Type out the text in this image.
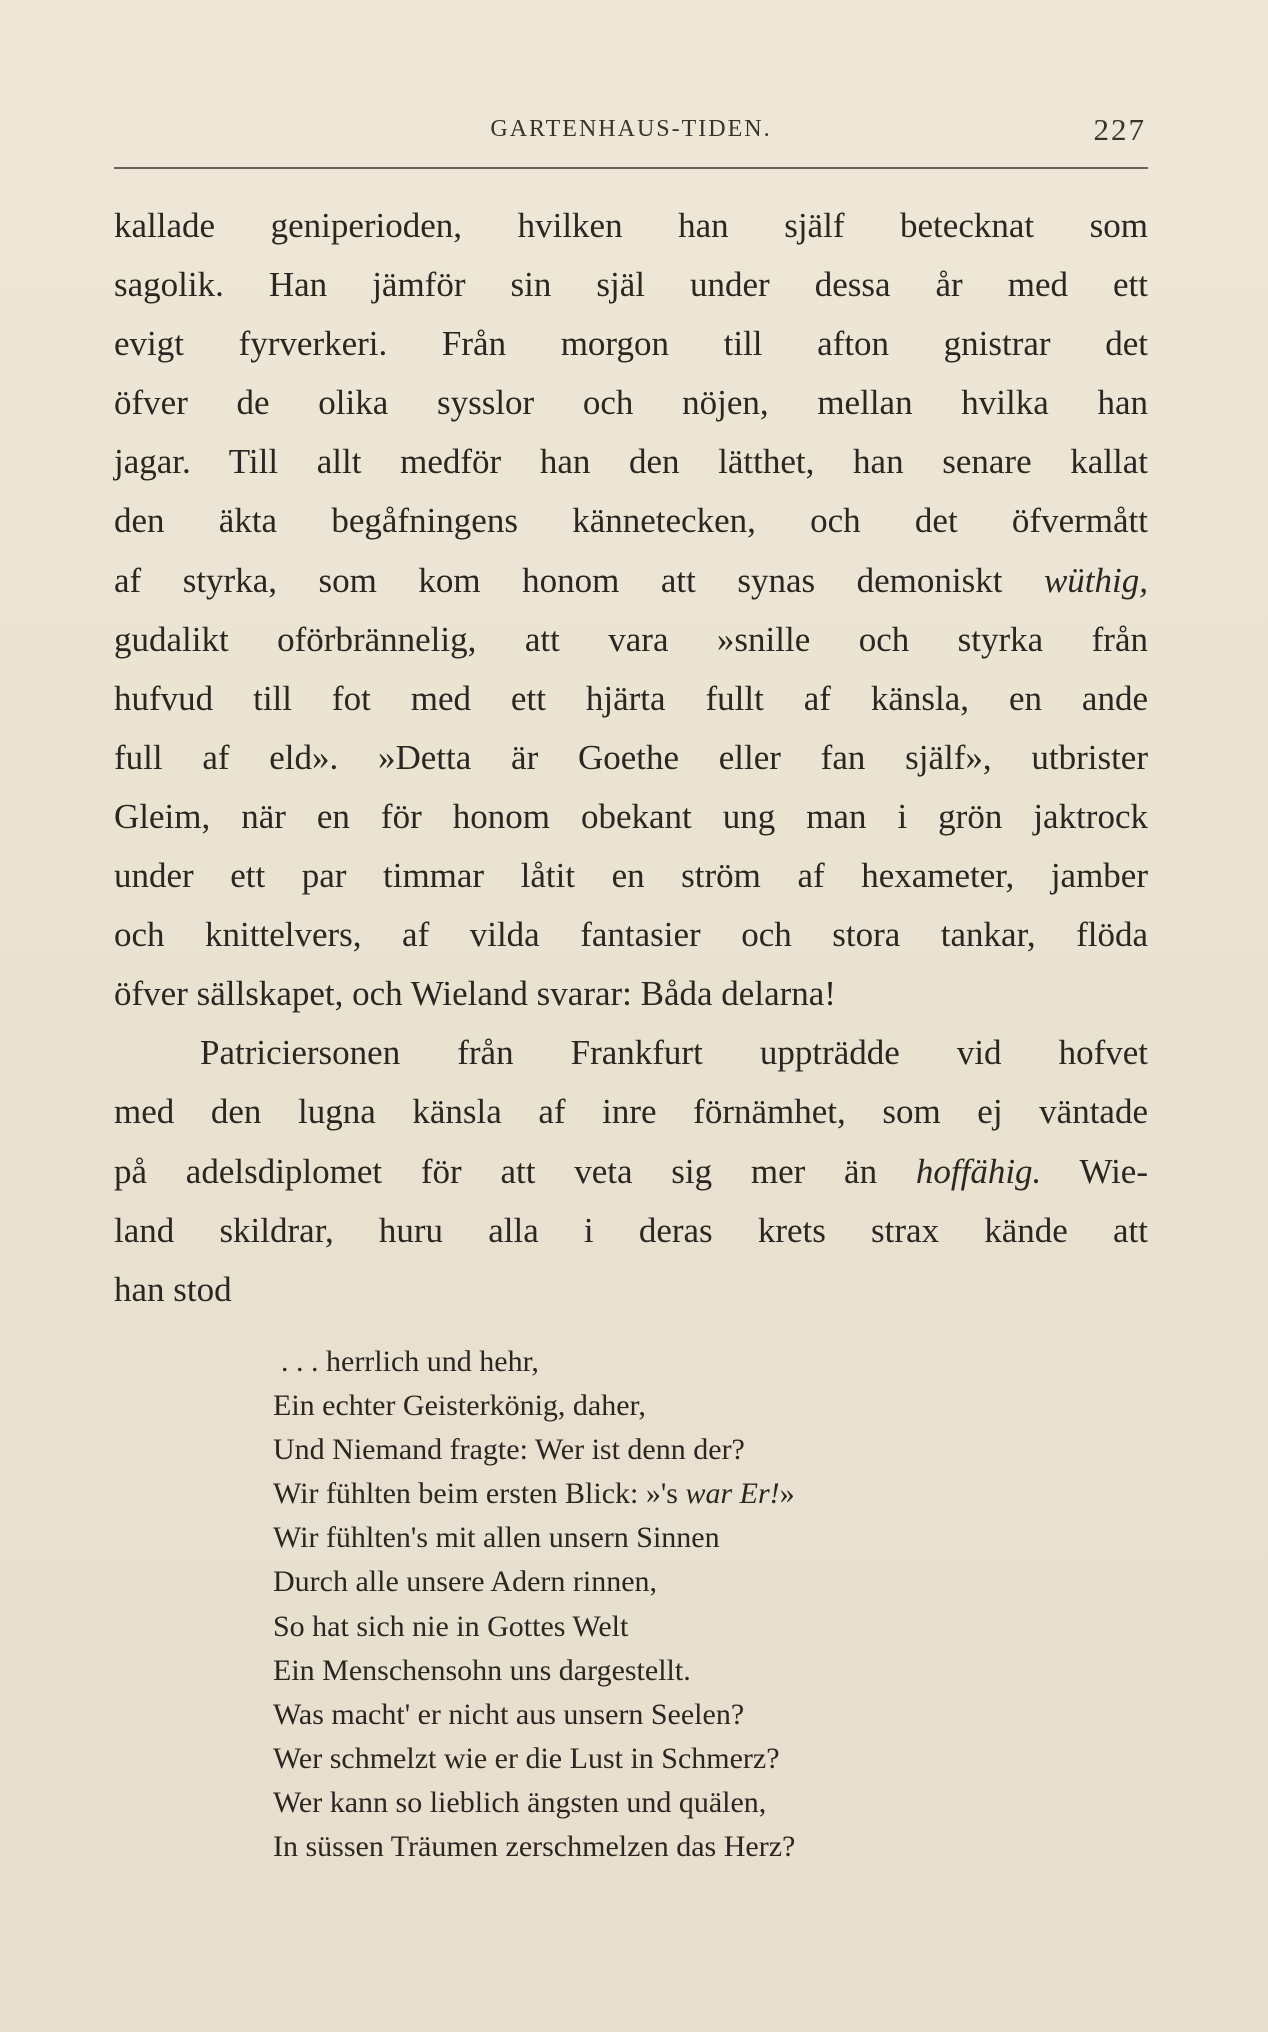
GARTENHAUS-TIDEN.	227
kallade geniperioden, hvilken han själf betecknat som
sagolik. Han jämför sin själ under dessa år med ett
evigt fyrverkeri. Från morgon till afton gnistrar det
öfver de olika sysslor och nöjen, mellan hvilka han
jagar. Till allt medför han den lätthet, han senare kallat
den äkta begåfningens kännetecken, och det öfvermått
af styrka, som kom honom att synas demoniskt wüthig,
gudalikt oförbrännelig, att vara »snille och styrka från
hufvud till fot med ett hjärta fullt af känsla, en ande
full af eld». »Detta är Goethe eller fan själf», utbrister
Gleim, när en för honom obekant ung man i grön jaktrock
under ett par timmar låtit en ström af hexameter, jamber
och knittelvers, af vilda fantasier och stora tankar, flöda
öfver sällskapet, och Wieland svarar: Båda delarna!
Patriciersonen från Frankfurt uppträdde vid hofvet
med den lugna känsla af inre förnämhet, som ej väntade
på adelsdiplomet för att veta sig mer än hoffähig. Wie-
land skildrar, huru alla i deras krets strax kände att
han stod
. . . herrlich und hehr,
Ein echter Geisterkönig, daher,
Und Niemand fragte: Wer ist denn der?
Wir fühlten beim ersten Blick: »'s war Er!»
Wir fühlten's mit allen unsern Sinnen
Durch alle unsere Adern rinnen,
So hat sich nie in Gottes Welt
Ein Menschensohn uns dargestellt.
Was macht' er nicht aus unsern Seelen?
Wer schmelzt wie er die Lust in Schmerz?
Wer kann so lieblich ängsten und quälen,
In süssen Träumen zerschmelzen das Herz?
